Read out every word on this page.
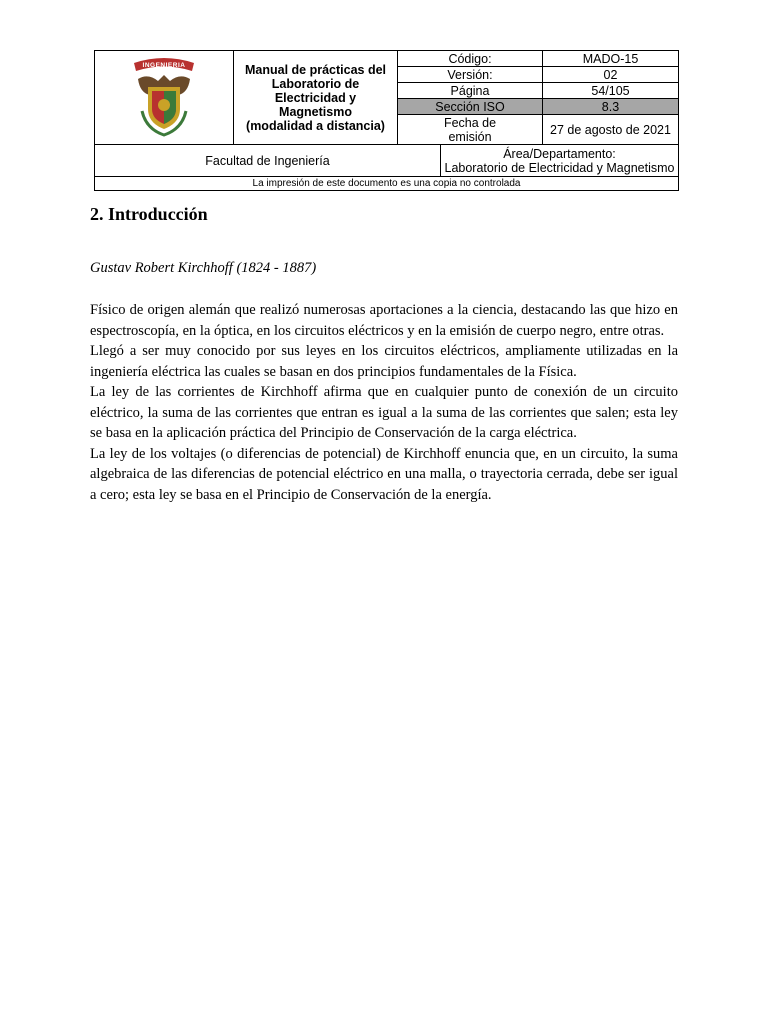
INGENIERIA	Manual de prácticas del
Laboratorio de Electricidad y
Magnetismo
(modalidad a distancia)	Código:		MADO-15
		Versión:		02
		Página		54/105
		Sección ISO		8.3

		Fecha de
emisión		27 de agosto de 2021
Facultad de Ingeniería			Área/Departamento:
Laboratorio de Electricidad y Magnetismo	

La impresión de este documento es una copia no controlada				
2. Introducción
Gustav Robert Kirchhoff (1824 - 1887)

Físico de origen alemán que realizó numerosas aportaciones a la ciencia, destacando las que hizo en espectroscopía, en la óptica, en los circuitos eléctricos y en la emisión de cuerpo negro, entre otras.

Llegó a ser muy conocido por sus leyes en los circuitos eléctricos, ampliamente utilizadas en la ingeniería eléctrica las cuales se basan en dos principios fundamentales de la Física.

La ley de las corrientes de Kirchhoff afirma que en cualquier punto de conexión de un circuito eléctrico, la suma de las corrientes que entran es igual a la suma de las corrientes que salen; esta ley se basa en la aplicación práctica del Principio de Conservación de la carga eléctrica.

La ley de los voltajes (o diferencias de potencial) de Kirchhoff enuncia que, en un circuito, la suma algebraica de las diferencias de potencial eléctrico en una malla, o trayectoria cerrada, debe ser igual a cero; esta ley se basa en el Principio de Conservación de la energía.
